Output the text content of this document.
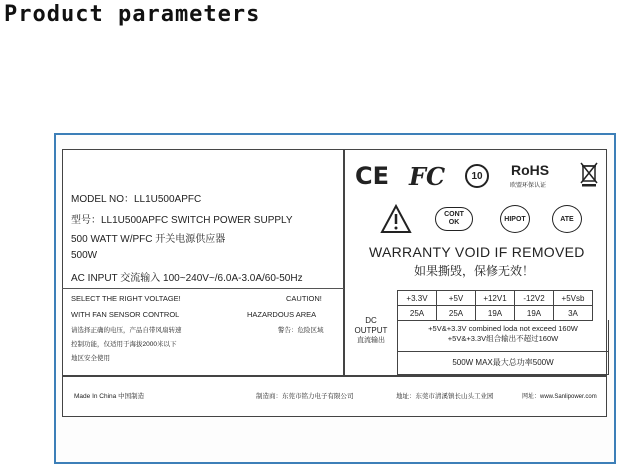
Product parameters
MODEL NO：LL1U500APFC
型号：LL1U500APFC SWITCH POWER SUPPLY
500 WATT W/PFC 开关电源供应器
500W
AC INPUT 交流输入 100~240V~/6.0A-3.0A/60-50Hz
SELECT THE RIGHT VOLTAGE!	CAUTION!
WITH FAN SENSOR CONTROL	HAZARDOUS AREA
请选择正确的电压，产品自带风扇转速	警告：危险区域
控制功能，仅适用于海拔2000米以下
地区安全使用
CE FC	10	RoHS
欧盟环保认证
CONT
OK	HIPOT	ATE
WARRANTY VOID IF REMOVED
如果撕毁，保修无效！
DC
OUTPUT
直流输出
+3.3V	+5V	+12V1	-12V2	+5Vsb
25A	25A	19A	19A	3A
+5V&+3.3V combined loda not exceed 160W
+5V&+3.3V组合输出不超过160W
500W MAX最大总功率500W
Made In China 中国制造	制造商：东莞市铭力电子有限公司	地址：东莞市清溪镇长山头工业园	网址：www.Sanlipower.com
